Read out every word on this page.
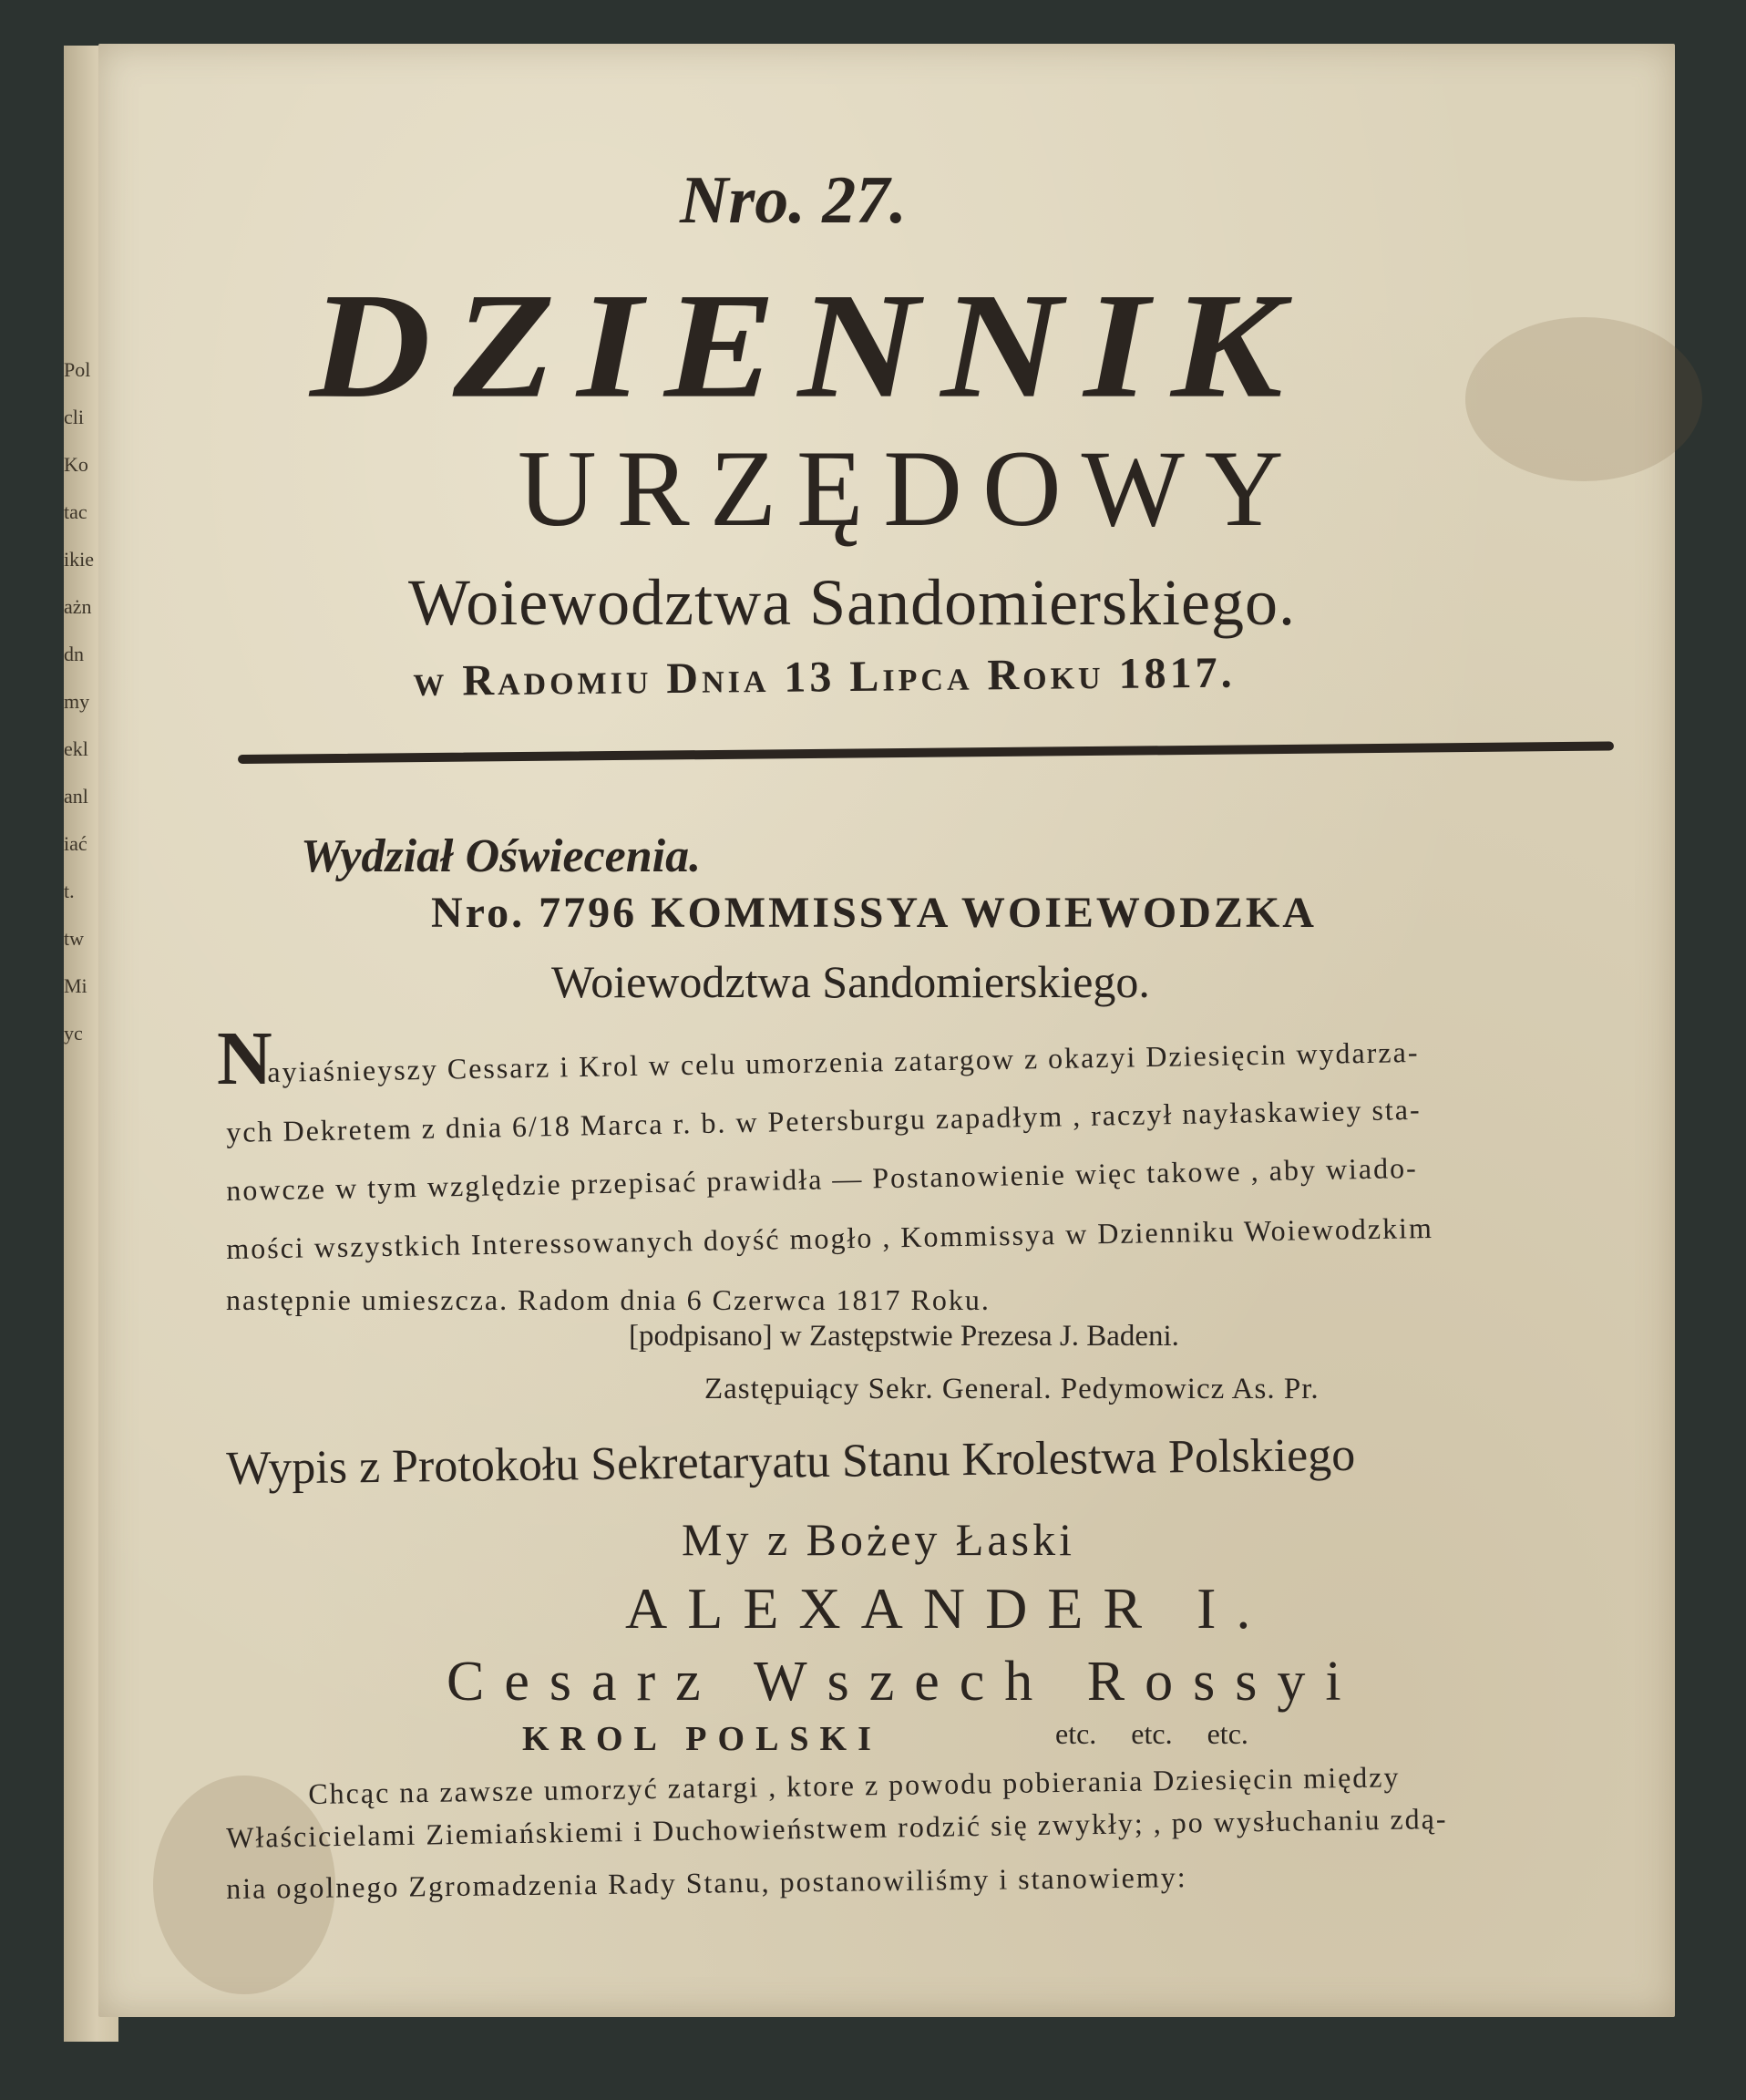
Pol
cli
Ko
tac
ikie
ażn
dn
my
ekl
anl
iać
t.
tw
Mi
yc
Nro. 27.
DZIENNIK
URZĘDOWY
Woiewodztwa Sandomierskiego.
w Radomiu Dnia 13 Lipca Roku 1817.
Wydział Oświecenia.
Nro. 7796 KOMMISSYA WOIEWODZKA
Woiewodztwa Sandomierskiego.
N
ayiaśnieyszy Cessarz i Krol w celu umorzenia zatargow z okazyi Dziesięcin wydarza-
ych Dekretem z dnia 6/18 Marca r. b. w Petersburgu zapadłym , raczył nayłaskawiey sta-
nowcze w tym względzie przepisać prawidła — Postanowienie więc takowe , aby wiado-
mości wszystkich Interessowanych doyść mogło , Kommissya w Dzienniku Woiewodzkim
następnie umieszcza. Radom dnia 6 Czerwca 1817 Roku.
[podpisano] w Zastępstwie Prezesa J. Badeni.
Zastępuiący Sekr. General. Pedymowicz As. Pr.
Wypis z Protokołu Sekretaryatu Stanu Krolestwa Polskiego
My z Bożey Łaski
ALEXANDER I.
Cesarz Wszech Rossyi
KROL POLSKI	etc. etc. etc.
Chcąc na zawsze umorzyć zatargi , ktore z powodu pobierania Dziesięcin między
Właścicielami Ziemiańskiemi i Duchowieństwem rodzić się zwykły; , po wysłuchaniu zdą-
nia ogolnego Zgromadzenia Rady Stanu, postanowiliśmy i stanowiemy:
